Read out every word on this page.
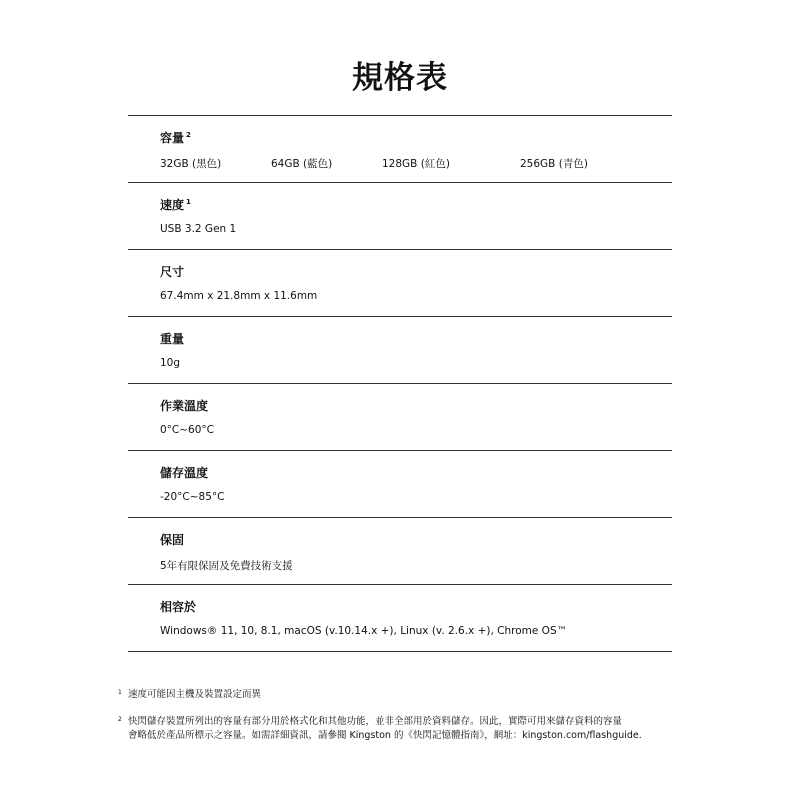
規格表
容量 $^2$
32GB (黑色)	64GB (藍色)	128GB (紅色)	256GB (青色)
速度 $^1$
USB 3.2 Gen 1
尺寸
67.4mm x 21.8mm x 11.6mm
重量
10g
作業溫度
0°C~60°C
儲存溫度
-20°C~85°C
保固
5年有限保固及免費技術支援
相容於
Windows® 11, 10, 8.1, macOS (v.10.14.x +), Linux (v. 2.6.x +), Chrome OS™
1 速度可能因主機及裝置設定而異
2 快閃儲存裝置所列出的容量有部分用於格式化和其他功能，並非全部用於資料儲存。因此，實際可用來儲存資料的容量
會略低於產品所標示之容量。如需詳細資訊，請參閱 Kingston 的《快閃記憶體指南》，網址：kingston.com/flashguide.
